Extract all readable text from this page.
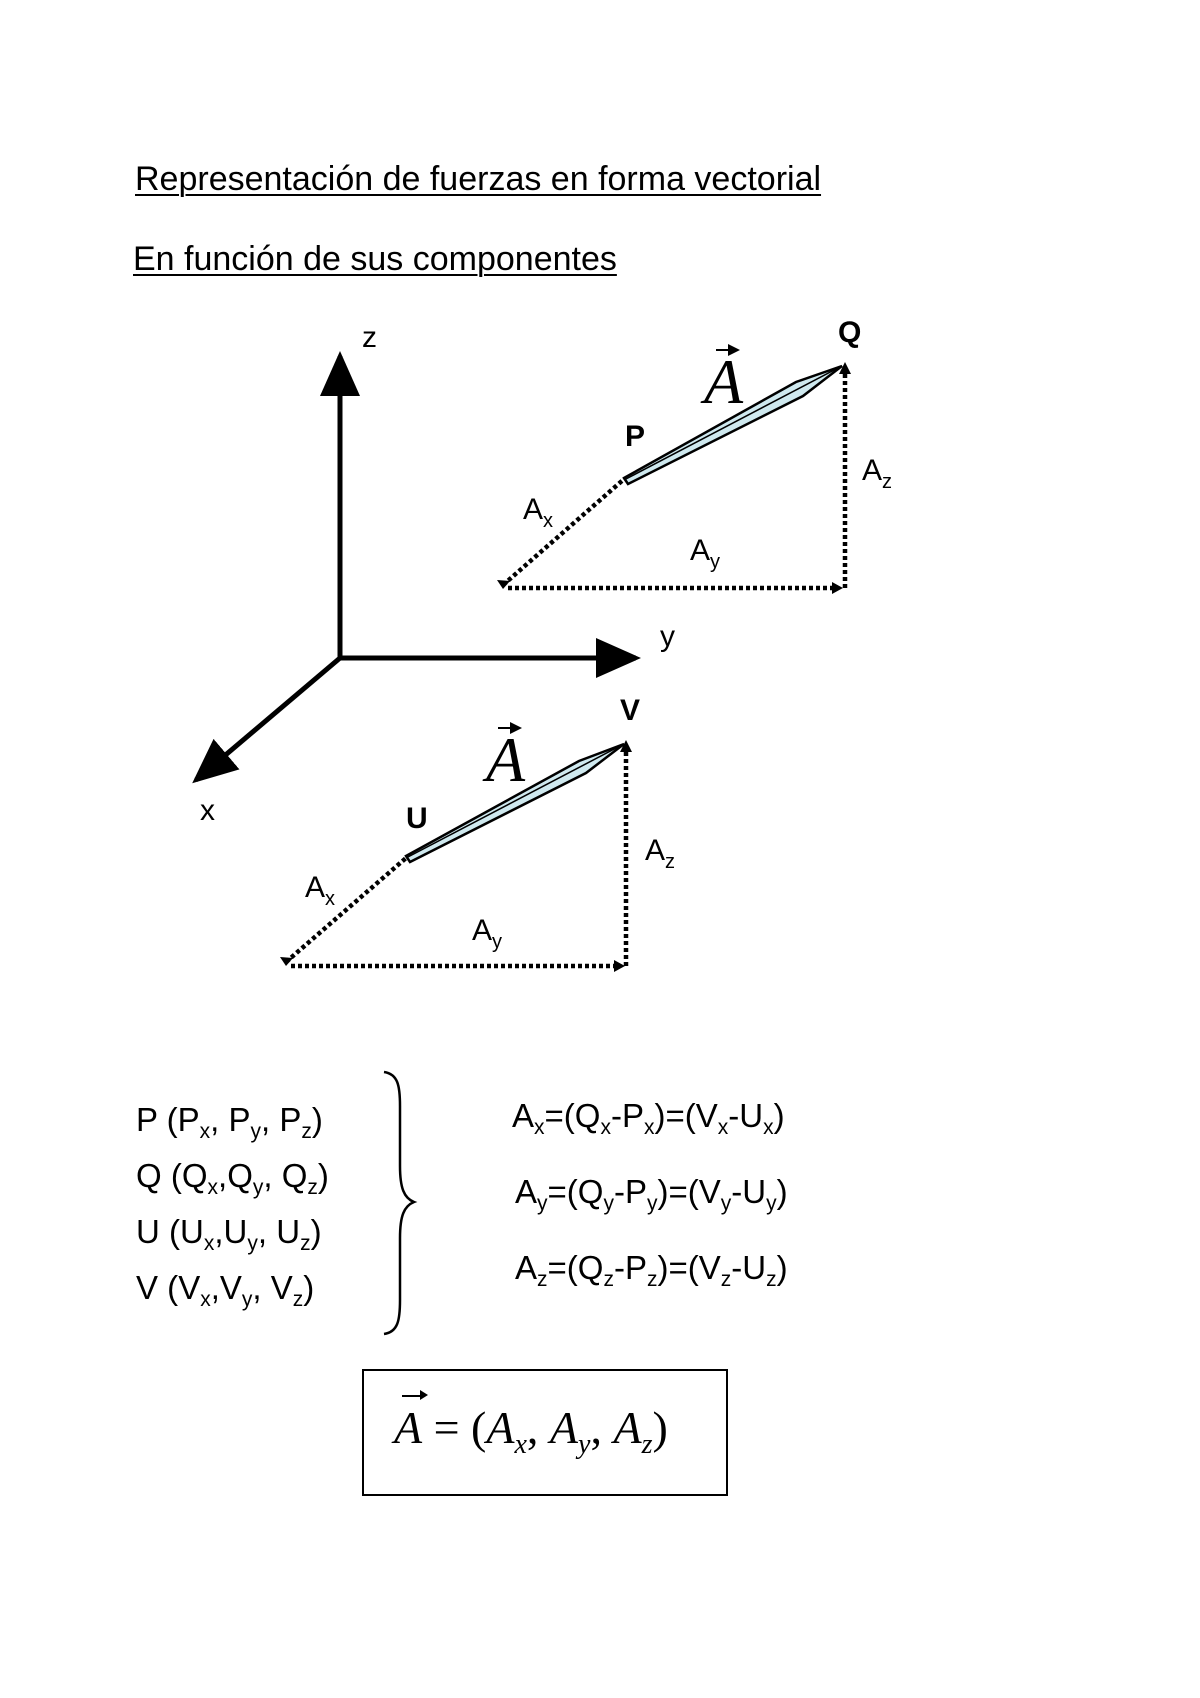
Representación de fuerzas en forma vectorial
En función de sus componentes
z
y
x
Q
P
A
$A_x$
$A_y$
$A_z$
V
U
A
$A_x$
$A_y$
$A_z$
P ($P_x$, $P_y$, $P_z$)
Q ($Q_x,Q_y$, $Q_z$)
U ($U_x,U_y$, $U_z$)
V ($V_x,V_y$, $V_z$)
$A_x=(Q_x-P_x)=(V_x-U_x)$
$A_y=(Q_y-P_y)=(V_y-U_y)$
$A_z=(Q_z-P_z)=(V_z-U_z)$
$A = (A_x$, $A_y$, $A_z$)
